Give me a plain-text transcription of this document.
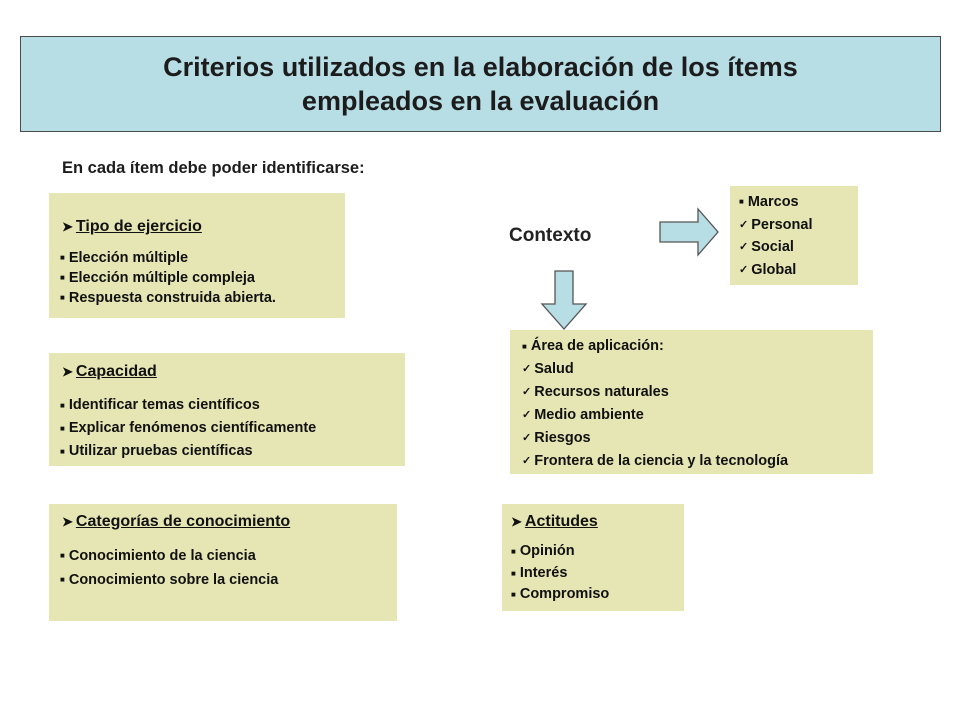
Criterios utilizados en la elaboración de los ítems
empleados en la evaluación
En cada ítem debe poder identificarse:
➤ Tipo de ejercicio
■ Elección múltiple
■ Elección múltiple compleja
■ Respuesta construida abierta.
➤ Capacidad
■ Identificar temas científicos
■ Explicar fenómenos científicamente
■ Utilizar pruebas científicas
➤ Categorías de conocimiento
■ Conocimiento de la ciencia
■ Conocimiento sobre la ciencia
Contexto
■ Marcos
✓ Personal
✓ Social
✓ Global
■ Área de aplicación:
✓ Salud
✓ Recursos naturales
✓ Medio ambiente
✓ Riesgos
✓ Frontera de la ciencia y la tecnología
➤ Actitudes
■ Opinión
■ Interés
■ Compromiso
